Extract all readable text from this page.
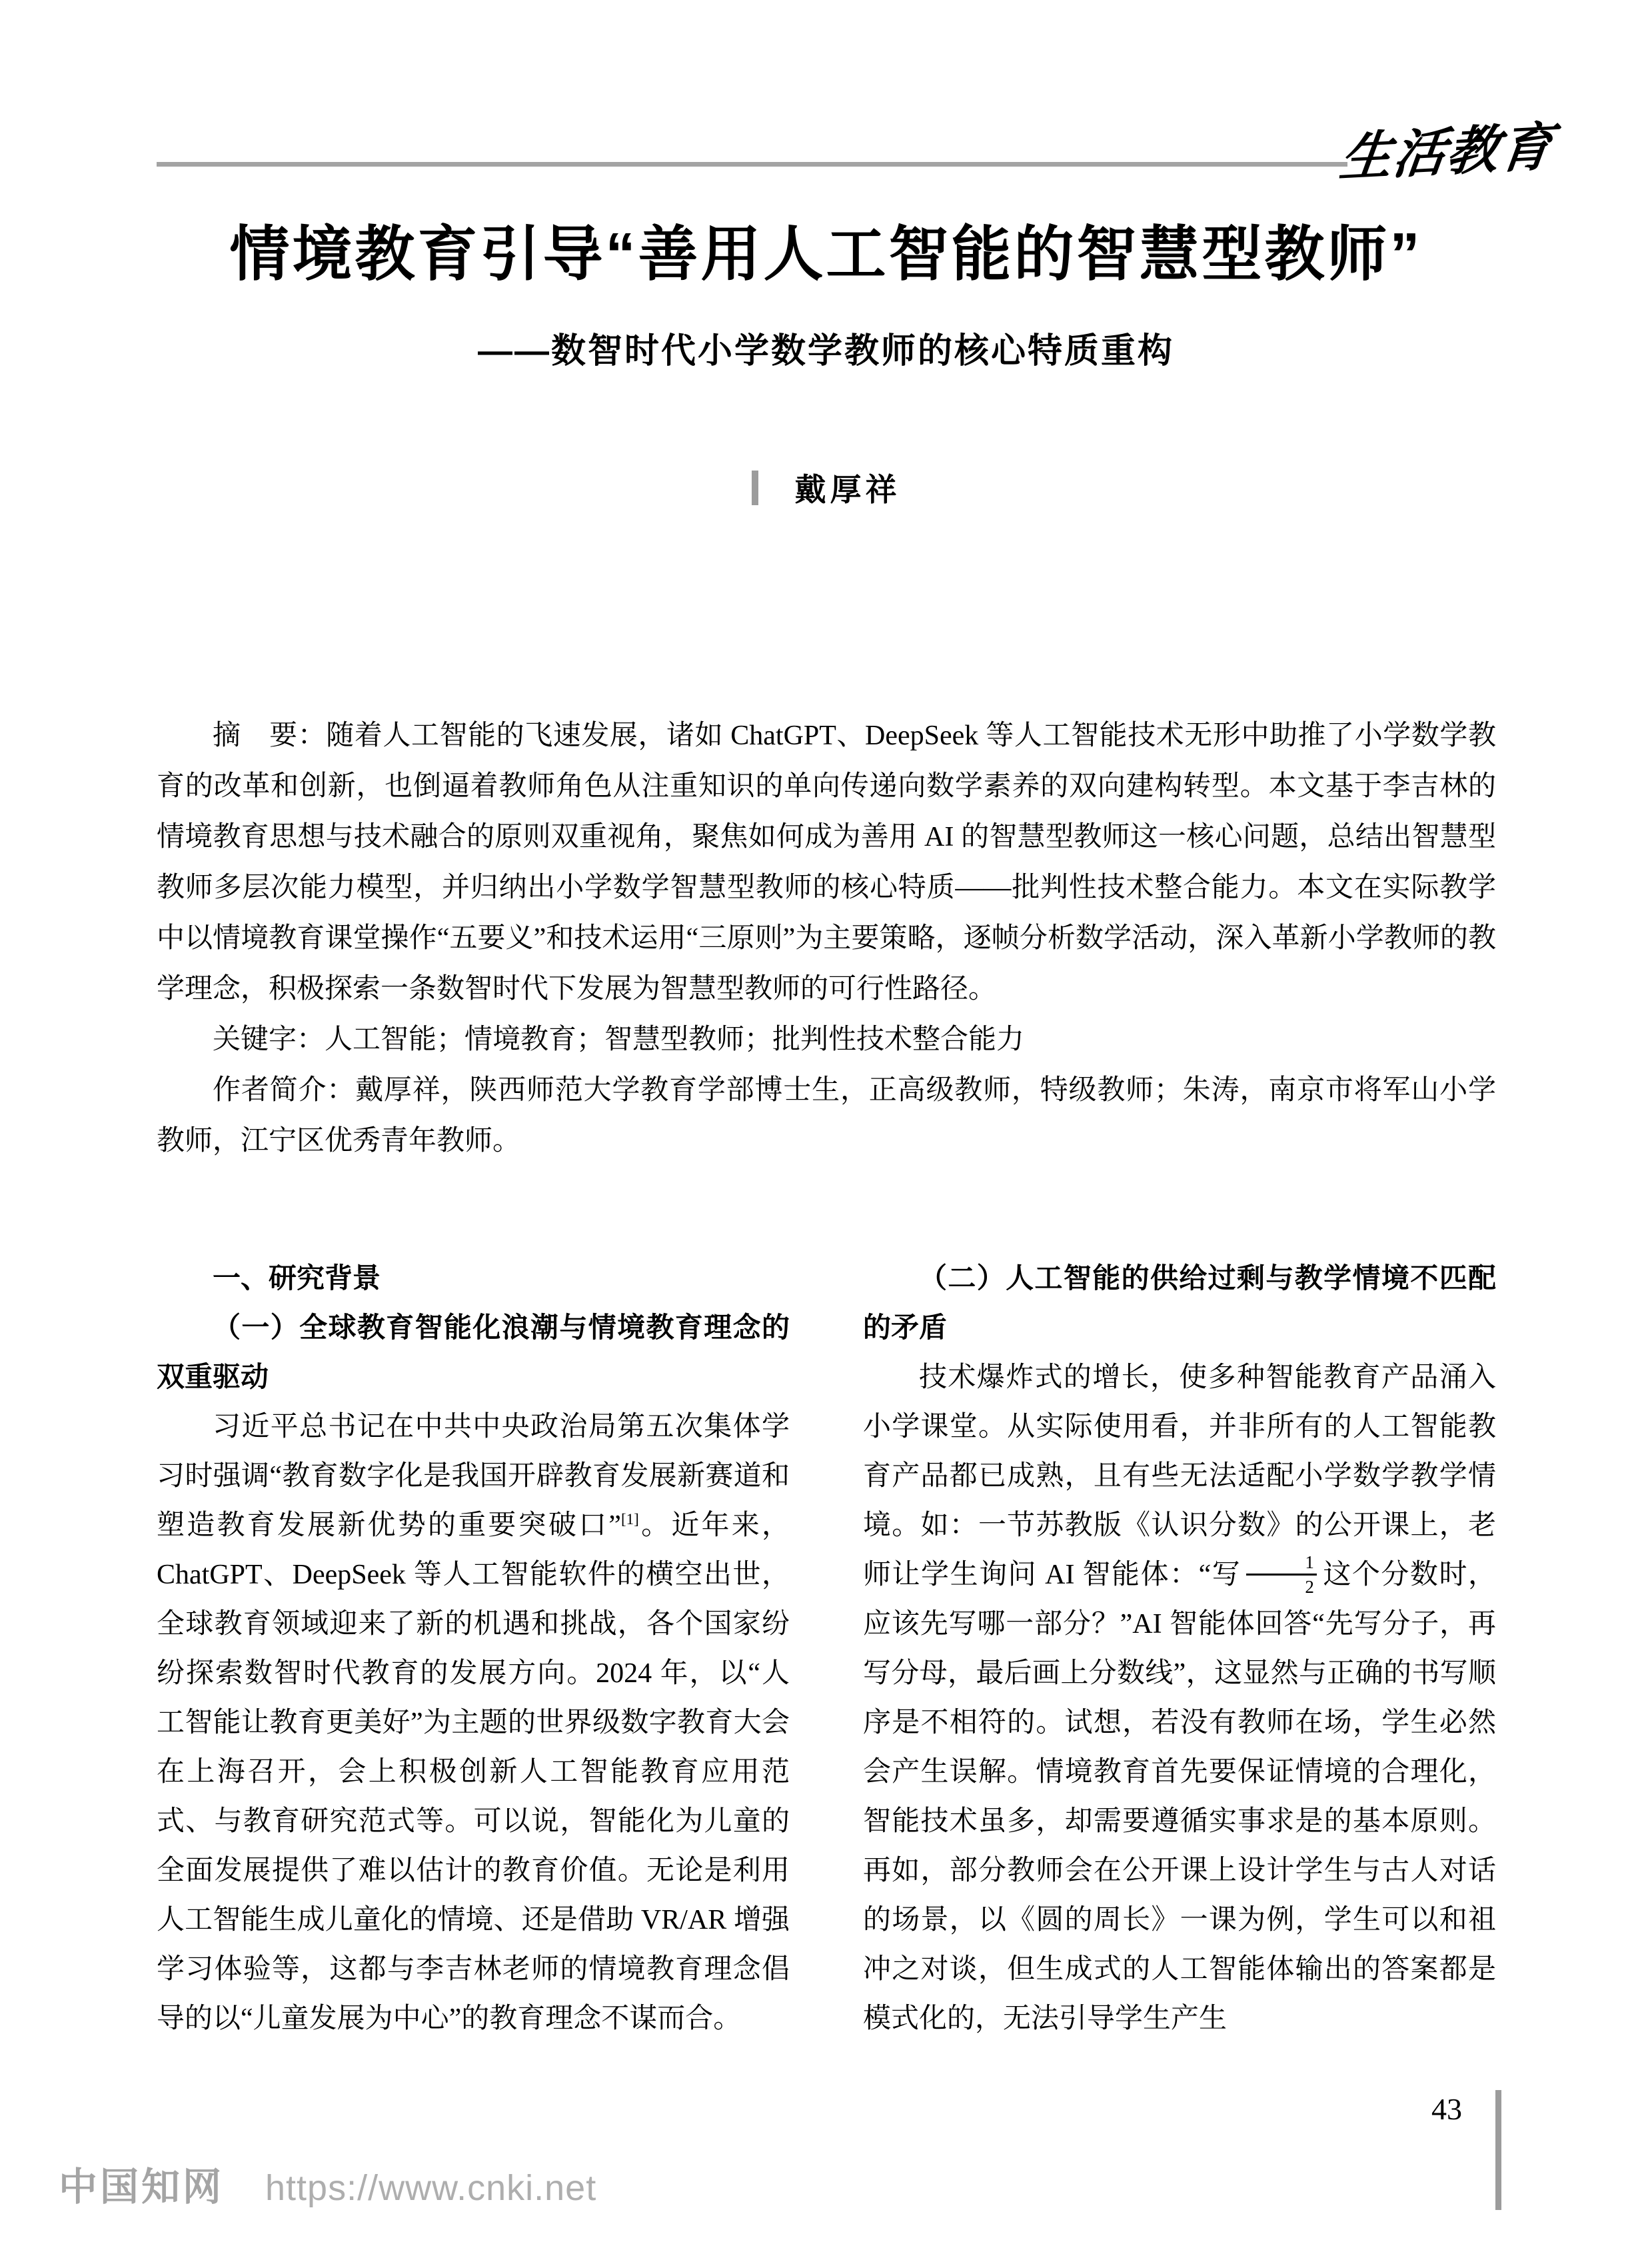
生活教育
情境教育引导“善用人工智能的智慧型教师”
——数智时代小学数学教师的核心特质重构
戴厚祥

摘　要：随着人工智能的飞速发展，诸如 ChatGPT、DeepSeek 等人工智能技术无形中助推了小学数学教育的改革和创新，也倒逼着教师角色从注重知识的单向传递向数学素养的双向建构转型。本文基于李吉林的情境教育思想与技术融合的原则双重视角，聚焦如何成为善用 AI 的智慧型教师这一核心问题，总结出智慧型教师多层次能力模型，并归纳出小学数学智慧型教师的核心特质——批判性技术整合能力。本文在实际教学中以情境教育课堂操作“五要义”和技术运用“三原则”为主要策略，逐帧分析数学活动，深入革新小学教师的教学理念，积极探索一条数智时代下发展为智慧型教师的可行性路径。

关键字：人工智能；情境教育；智慧型教师；批判性技术整合能力

作者简介：戴厚祥，陕西师范大学教育学部博士生，正高级教师，特级教师；朱涛，南京市将军山小学教师，江宁区优秀青年教师。

一、研究背景
（一）全球教育智能化浪潮与情境教育理念的双重驱动

习近平总书记在中共中央政治局第五次集体学习时强调“教育数字化是我国开辟教育发展新赛道和塑造教育发展新优势的重要突破口”[1]。近年来，ChatGPT、DeepSeek 等人工智能软件的横空出世，全球教育领域迎来了新的机遇和挑战，各个国家纷纷探索数智时代教育的发展方向。2024 年，以“人工智能让教育更美好”为主题的世界级数字教育大会在上海召开，会上积极创新人工智能教育应用范式、与教育研究范式等。可以说，智能化为儿童的全面发展提供了难以估计的教育价值。无论是利用人工智能生成儿童化的情境、还是借助 VR/AR 增强学习体验等，这都与李吉林老师的情境教育理念倡导的以“儿童发展为中心”的教育理念不谋而合。

（二）人工智能的供给过剩与教学情境不匹配的矛盾

技术爆炸式的增长，使多种智能教育产品涌入小学课堂。从实际使用看，并非所有的人工智能教育产品都已成熟，且有些无法适配小学数学教学情境。如：一节苏教版《认识分数》的公开课上，老师让学生询问 AI 智能体：“写 $\frac{1}{2}$ 这个分数时，应该先写哪一部分？”AI 智能体回答“先写分子，再写分母，最后画上分数线”，这显然与正确的书写顺序是不相符的。试想，若没有教师在场，学生必然会产生误解。情境教育首先要保证情境的合理化，智能技术虽多，却需要遵循实事求是的基本原则。再如，部分教师会在公开课上设计学生与古人对话的场景，以《圆的周长》一课为例，学生可以和祖冲之对谈，但生成式的人工智能体输出的答案都是模式化的，无法引导学生产生

43
中国知网 https://www.cnki.net
